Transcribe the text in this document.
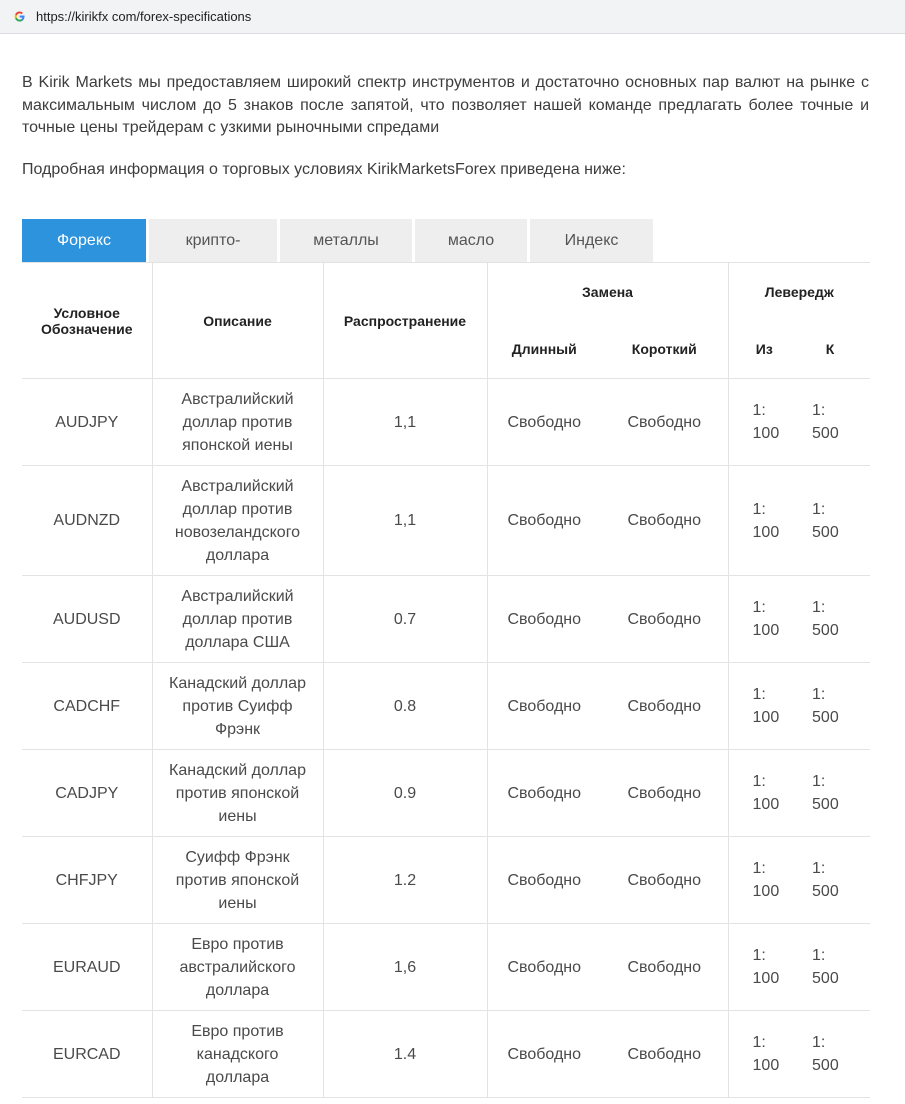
https://kirikfx com/forex-specifications

В Kirik Markets мы предоставляем широкий спектр инструментов и достаточно основных пар валют на рынке с максимальным числом до 5 знаков после запятой, что позволяет нашей команде предлагать более точные и точные цены трейдерам с узкими рыночными спредами

Подробная информация о торговых условиях KirikMarketsForex приведена ниже:

Форекс	крипто-	металлы	масло	Индекс
Условное Обозначение	Описание	Распространение	Замена		Левередж	
			Длинный	Короткий	Из	К
AUDJPY	Австралийский доллар против японской иены	1,1	Свободно	Свободно	1: 100	1: 500
AUDNZD	Австралийский доллар против новозеландского доллара	1,1	Свободно	Свободно	1: 100	1: 500
AUDUSD	Австралийский доллар против доллара США	0.7	Свободно	Свободно	1: 100	1: 500
CADCHF	Канадский доллар против Суифф Фрэнк	0.8	Свободно	Свободно	1: 100	1: 500
CADJPY	Канадский доллар против японской иены	0.9	Свободно	Свободно	1: 100	1: 500
CHFJPY	Суифф Фрэнк против японской иены	1.2	Свободно	Свободно	1: 100	1: 500
EURAUD	Евро против австралийского доллара	1,6	Свободно	Свободно	1: 100	1: 500
EURCAD	Евро против канадского доллара	1.4	Свободно	Свободно	1: 100	1: 500
